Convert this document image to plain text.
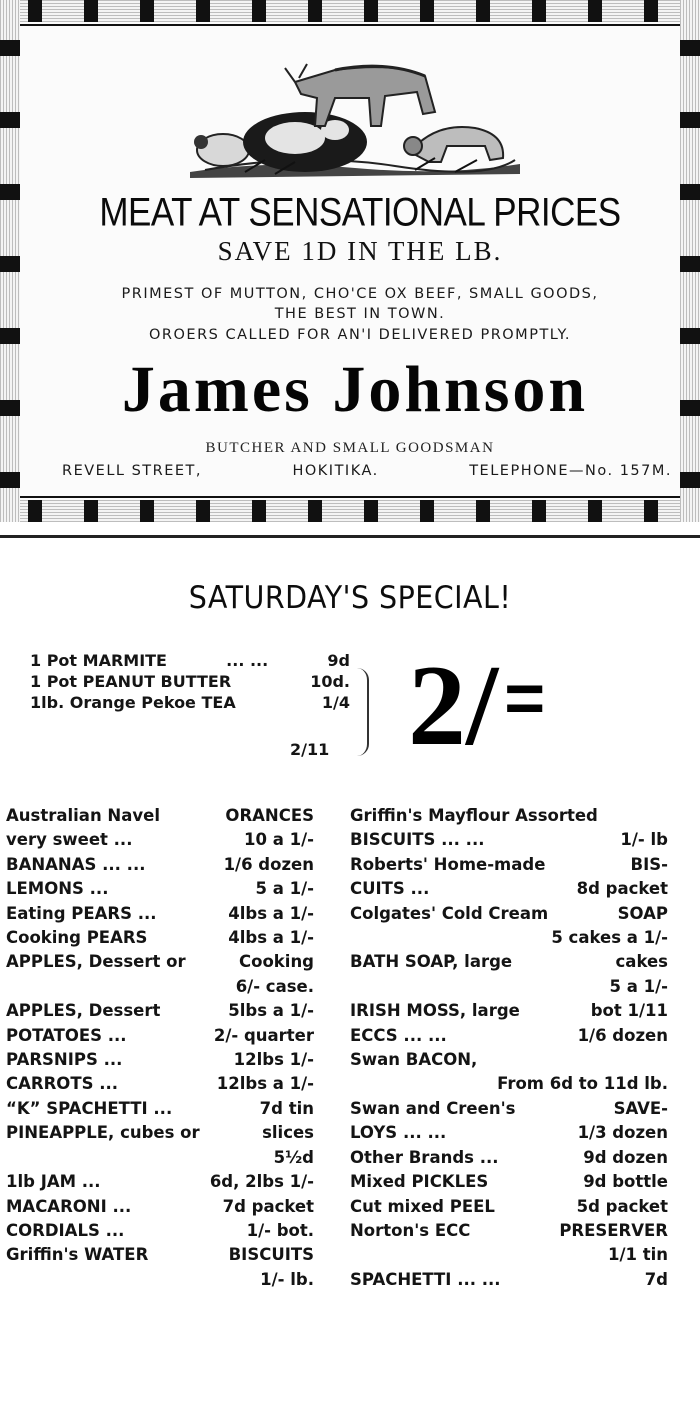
MEAT AT SENSATIONAL PRICES
SAVE 1D IN THE LB.
PRIMEST OF MUTTON, CHO'CE OX BEEF, SMALL GOODS,
THE BEST IN TOWN.
OROERS CALLED FOR AN'I DELIVERED PROMPTLY.
James Johnson
BUTCHER AND SMALL GOODSMAN
REVELL STREET,	HOKITIKA.	TELEPHONE—No. 157M.
SATURDAY'S SPECIAL!
1 Pot MARMITE	... ...	9d
1 Pot PEANUT BUTTER	10d.
1lb. Orange Pekoe TEA	1/4
2/11 2/=
Australian Navel	ORANCES
very sweet ...	10 a 1/-
BANANAS ... ...	1/6 dozen
LEMONS ...	5 a 1/-
Eating PEARS ...	4lbs a 1/-
Cooking PEARS	4lbs a 1/-
APPLES, Dessert or	Cooking
6/- case.
APPLES, Dessert	5lbs a 1/-
POTATOES ...	2/- quarter
PARSNIPS ...	12lbs 1/-
CARROTS ...	12lbs a 1/-
“K” SPACHETTI ...	7d tin
PINEAPPLE, cubes or	slices
5½d
1lb JAM ...	6d, 2lbs 1/-
MACARONI ...	7d packet
CORDIALS ...	1/- bot.
Griffin's WATER	BISCUITS
1/- lb.
Griffin's Mayflour Assorted
BISCUITS ... ...	1/- lb
Roberts' Home-made	BIS-
CUITS ...	8d packet
Colgates' Cold Cream	SOAP
5 cakes a 1/-
BATH SOAP, large	cakes
5 a 1/-
IRISH MOSS, large	bot 1/11
ECCS ... ...	1/6 dozen
Swan BACON,
From 6d to 11d lb.
Swan and Creen's	SAVE-
LOYS ... ...	1/3 dozen
Other Brands ...	9d dozen
Mixed PICKLES	9d bottle
Cut mixed PEEL	5d packet
Norton's ECC	PRESERVER
1/1 tin
SPACHETTI ... ...	7d
